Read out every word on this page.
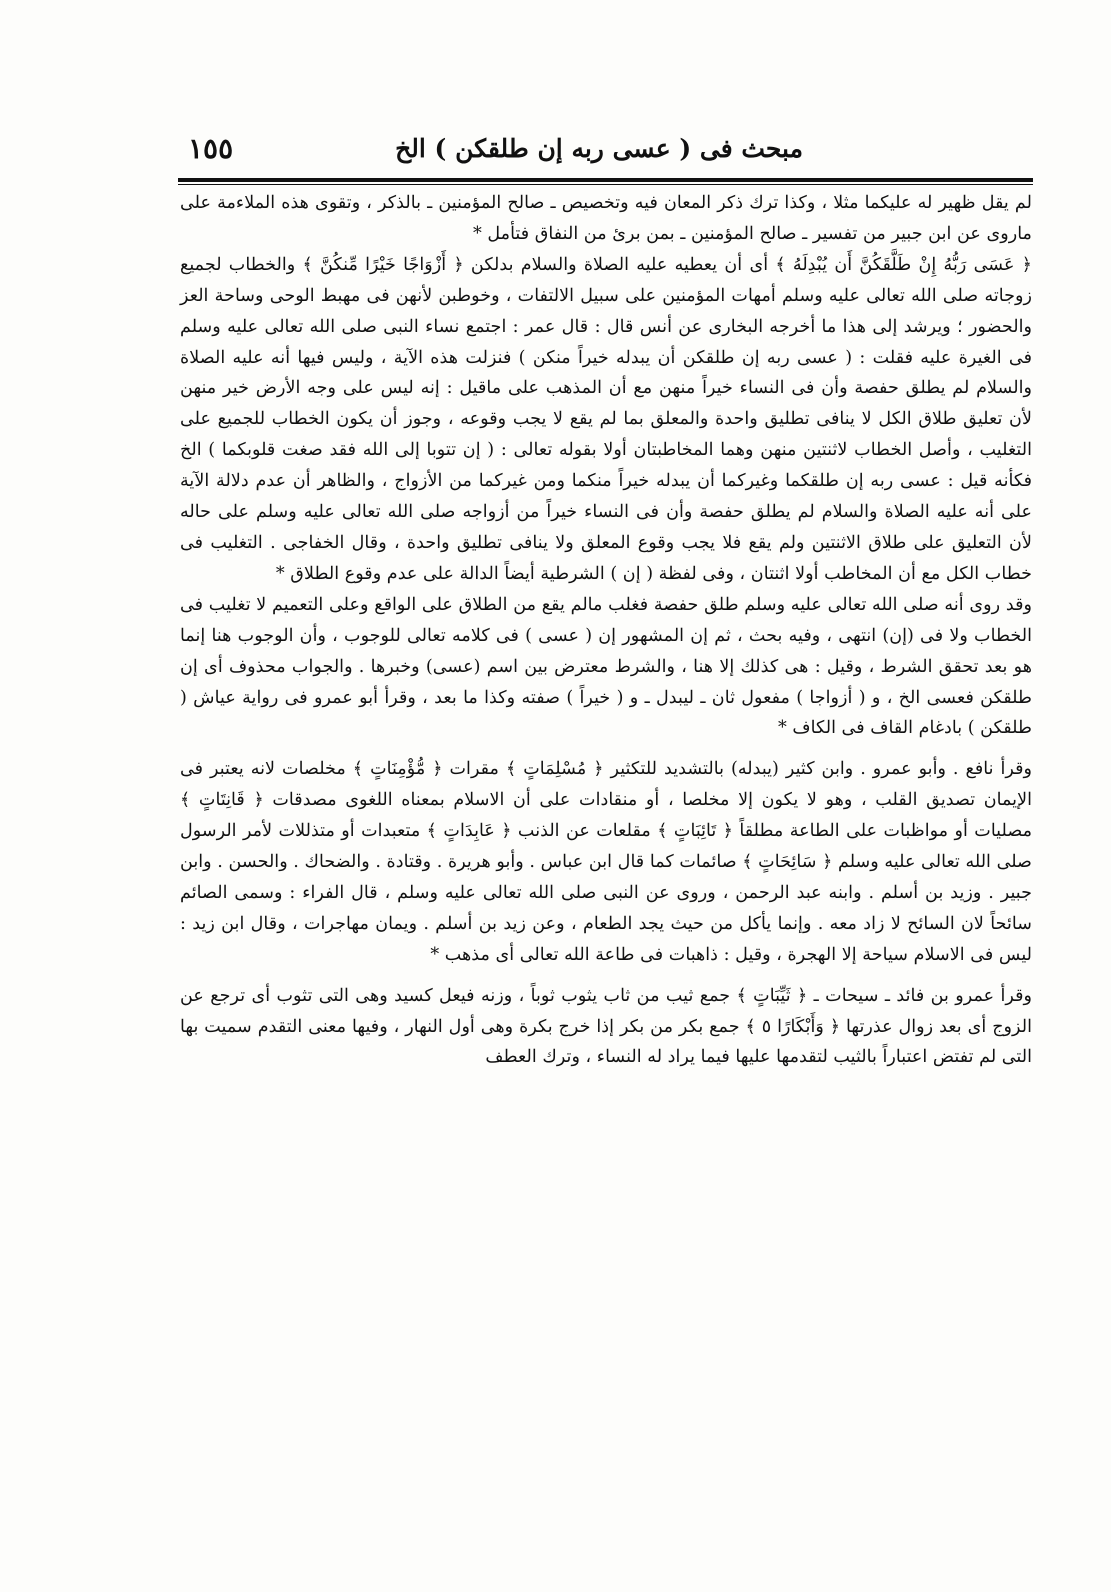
مبحث فى ( عسى ربه إن طلقكن ) الخ
١٥٥

لم يقل ظهير له عليكما مثلا ، وكذا ترك ذكر المعان فيه وتخصيص ـ صالح المؤمنين ـ بالذكر ، وتقوى هذه الملاءمة على ماروى عن ابن جبير من تفسير ـ صالح المؤمنين ـ بمن برئ من النفاق فتأمل *

﴿ عَسَى رَبُّهُ إِنْ طَلَّقَكُنَّ أَن يُبْدِلَهُ ﴾ أى أن يعطيه عليه الصلاة والسلام بدلكن ﴿ أَزْوَاجًا خَيْرًا مِّنكُنَّ ﴾ والخطاب لجميع زوجاته صلى الله تعالى عليه وسلم أمهات المؤمنين على سبيل الالتفات ، وخوطبن لأنهن فى مهبط الوحى وساحة العز والحضور ؛ ويرشد إلى هذا ما أخرجه البخارى عن أنس قال : قال عمر : اجتمع نساء النبى صلى الله تعالى عليه وسلم فى الغيرة عليه فقلت : ( عسى ربه إن طلقكن أن يبدله خيراً منكن ) فنزلت هذه الآية ، وليس فيها أنه عليه الصلاة والسلام لم يطلق حفصة وأن فى النساء خيراً منهن مع أن المذهب على ماقيل : إنه ليس على وجه الأرض خير منهن لأن تعليق طلاق الكل لا ينافى تطليق واحدة والمعلق بما لم يقع لا يجب وقوعه ، وجوز أن يكون الخطاب للجميع على التغليب ، وأصل الخطاب لاثنتين منهن وهما المخاطبتان أولا بقوله تعالى : ( إن تتوبا إلى الله فقد صغت قلوبكما ) الخ فكأنه قيل : عسى ربه إن طلقكما وغيركما أن يبدله خيراً منكما ومن غيركما من الأزواج ، والظاهر أن عدم دلالة الآية على أنه عليه الصلاة والسلام لم يطلق حفصة وأن فى النساء خيراً من أزواجه صلى الله تعالى عليه وسلم على حاله لأن التعليق على طلاق الاثنتين ولم يقع فلا يجب وقوع المعلق ولا ينافى تطليق واحدة ، وقال الخفاجى . التغليب فى خطاب الكل مع أن المخاطب أولا اثنتان ، وفى لفظة ( إن ) الشرطية أيضاً الدالة على عدم وقوع الطلاق *

وقد روى أنه صلى الله تعالى عليه وسلم طلق حفصة فغلب مالم يقع من الطلاق على الواقع وعلى التعميم لا تغليب فى الخطاب ولا فى (إن) انتهى ، وفيه بحث ، ثم إن المشهور إن ( عسى ) فى كلامه تعالى للوجوب ، وأن الوجوب هنا إنما هو بعد تحقق الشرط ، وقيل : هى كذلك إلا هنا ، والشرط معترض بين اسم (عسى) وخبرها . والجواب محذوف أى إن طلقكن فعسى الخ ، و ( أزواجا ) مفعول ثان ـ ليبدل ـ و ( خيراً ) صفته وكذا ما بعد ، وقرأ أبو عمرو فى رواية عياش ( طلقكن ) بادغام القاف فى الكاف *

وقرأ نافع . وأبو عمرو . وابن كثير (يبدله) بالتشديد للتكثير ﴿ مُسْلِمَاتٍ ﴾ مقرات ﴿ مُّؤْمِنَاتٍ ﴾ مخلصات لانه يعتبر فى الإيمان تصديق القلب ، وهو لا يكون إلا مخلصا ، أو منقادات على أن الاسلام بمعناه اللغوى مصدقات ﴿ قَانِتَاتٍ ﴾ مصليات أو مواظبات على الطاعة مطلقاً ﴿ تَائِبَاتٍ ﴾ مقلعات عن الذنب ﴿ عَابِدَاتٍ ﴾ متعبدات أو متذللات لأمر الرسول صلى الله تعالى عليه وسلم ﴿ سَائِحَاتٍ ﴾ صائمات كما قال ابن عباس . وأبو هريرة . وقتادة . والضحاك . والحسن . وابن جبير . وزيد بن أسلم . وابنه عبد الرحمن ، وروى عن النبى صلى الله تعالى عليه وسلم ، قال الفراء : وسمى الصائم سائحاً لان السائح لا زاد معه . وإنما يأكل من حيث يجد الطعام ، وعن زيد بن أسلم . ويمان مهاجرات ، وقال ابن زيد : ليس فى الاسلام سياحة إلا الهجرة ، وقيل : ذاهبات فى طاعة الله تعالى أى مذهب *

وقرأ عمرو بن فائد ـ سيحات ـ ﴿ ثَيِّبَاتٍ ﴾ جمع ثيب من ثاب يثوب ثوباً ، وزنه فيعل كسيد وهى التى تثوب أى ترجع عن الزوج أى بعد زوال عذرتها ﴿ وَأَبْكَارًا ٥ ﴾ جمع بكر من بكر إذا خرج بكرة وهى أول النهار ، وفيها معنى التقدم سميت بها التى لم تفتض اعتباراً بالثيب لتقدمها عليها فيما يراد له النساء ، وترك العطف
